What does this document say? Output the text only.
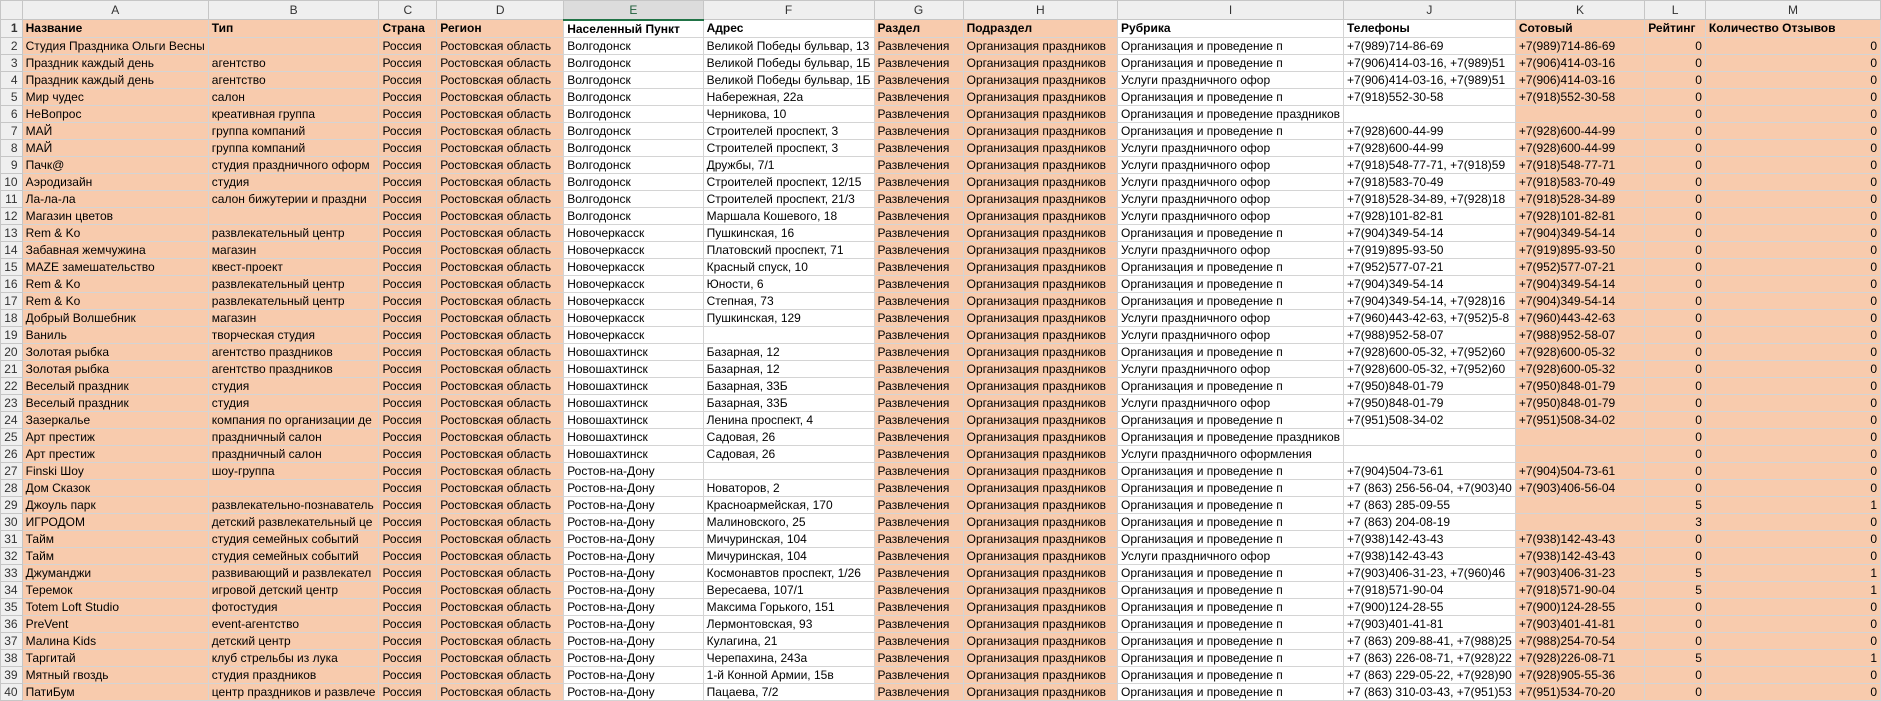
	A	B	C	D	E	F	G	H	I	J	K	L	M
1	Название	Тип	Страна	Регион	Населенный Пункт	Адрес	Раздел	Подраздел	Рубрика	Телефоны	Сотовый	Рейтинг	Количество Отзывов
2	Студия Праздника Ольги Весны		Россия	Ростовская область	Волгодонск	Великой Победы бульвар, 13	Развлечения	Организация праздников	Организация и проведение п	+7(989)714-86-69	+7(989)714-86-69	0	0
3	Праздник каждый день	агентство	Россия	Ростовская область	Волгодонск	Великой Победы бульвар, 1Б	Развлечения	Организация праздников	Организация и проведение п	+7(906)414-03-16, +7(989)51	+7(906)414-03-16	0	0
4	Праздник каждый день	агентство	Россия	Ростовская область	Волгодонск	Великой Победы бульвар, 1Б	Развлечения	Организация праздников	Услуги праздничного офор	+7(906)414-03-16, +7(989)51	+7(906)414-03-16	0	0
5	Мир чудес	салон	Россия	Ростовская область	Волгодонск	Набережная, 22а	Развлечения	Организация праздников	Организация и проведение п	+7(918)552-30-58	+7(918)552-30-58	0	0
6	НеВопрос	креативная группа	Россия	Ростовская область	Волгодонск	Черникова, 10	Развлечения	Организация праздников	Организация и проведение праздников			0	0
7	МАЙ	группа компаний	Россия	Ростовская область	Волгодонск	Строителей проспект, 3	Развлечения	Организация праздников	Организация и проведение п	+7(928)600-44-99	+7(928)600-44-99	0	0
8	МАЙ	группа компаний	Россия	Ростовская область	Волгодонск	Строителей проспект, 3	Развлечения	Организация праздников	Услуги праздничного офор	+7(928)600-44-99	+7(928)600-44-99	0	0
9	Пачк@	студия праздничного оформ	Россия	Ростовская область	Волгодонск	Дружбы, 7/1	Развлечения	Организация праздников	Услуги праздничного офор	+7(918)548-77-71, +7(918)59	+7(918)548-77-71	0	0
10	Аэродизайн	студия	Россия	Ростовская область	Волгодонск	Строителей проспект, 12/15	Развлечения	Организация праздников	Услуги праздничного офор	+7(918)583-70-49	+7(918)583-70-49	0	0
11	Ла-ла-ла	салон бижутерии и праздни	Россия	Ростовская область	Волгодонск	Строителей проспект, 21/3	Развлечения	Организация праздников	Услуги праздничного офор	+7(918)528-34-89, +7(928)18	+7(918)528-34-89	0	0
12	Магазин цветов		Россия	Ростовская область	Волгодонск	Маршала Кошевого, 18	Развлечения	Организация праздников	Услуги праздничного офор	+7(928)101-82-81	+7(928)101-82-81	0	0
13	Rem & Ko	развлекательный центр	Россия	Ростовская область	Новочеркасск	Пушкинская, 16	Развлечения	Организация праздников	Организация и проведение п	+7(904)349-54-14	+7(904)349-54-14	0	0
14	Забавная жемчужина	магазин	Россия	Ростовская область	Новочеркасск	Платовский проспект, 71	Развлечения	Организация праздников	Услуги праздничного офор	+7(919)895-93-50	+7(919)895-93-50	0	0
15	MAZE замешательство	квест-проект	Россия	Ростовская область	Новочеркасск	Красный спуск, 10	Развлечения	Организация праздников	Организация и проведение п	+7(952)577-07-21	+7(952)577-07-21	0	0
16	Rem & Ko	развлекательный центр	Россия	Ростовская область	Новочеркасск	Юности, 6	Развлечения	Организация праздников	Организация и проведение п	+7(904)349-54-14	+7(904)349-54-14	0	0
17	Rem & Ko	развлекательный центр	Россия	Ростовская область	Новочеркасск	Степная, 73	Развлечения	Организация праздников	Организация и проведение п	+7(904)349-54-14, +7(928)16	+7(904)349-54-14	0	0
18	Добрый Волшебник	магазин	Россия	Ростовская область	Новочеркасск	Пушкинская, 129	Развлечения	Организация праздников	Услуги праздничного офор	+7(960)443-42-63, +7(952)5-8	+7(960)443-42-63	0	0
19	Ваниль	творческая студия	Россия	Ростовская область	Новочеркасск		Развлечения	Организация праздников	Услуги праздничного офор	+7(988)952-58-07	+7(988)952-58-07	0	0
20	Золотая рыбка	агентство праздников	Россия	Ростовская область	Новошахтинск	Базарная, 12	Развлечения	Организация праздников	Организация и проведение п	+7(928)600-05-32, +7(952)60	+7(928)600-05-32	0	0
21	Золотая рыбка	агентство праздников	Россия	Ростовская область	Новошахтинск	Базарная, 12	Развлечения	Организация праздников	Услуги праздничного офор	+7(928)600-05-32, +7(952)60	+7(928)600-05-32	0	0
22	Веселый праздник	студия	Россия	Ростовская область	Новошахтинск	Базарная, 33Б	Развлечения	Организация праздников	Организация и проведение п	+7(950)848-01-79	+7(950)848-01-79	0	0
23	Веселый праздник	студия	Россия	Ростовская область	Новошахтинск	Базарная, 33Б	Развлечения	Организация праздников	Услуги праздничного офор	+7(950)848-01-79	+7(950)848-01-79	0	0
24	Зазеркалье	компания по организации де	Россия	Ростовская область	Новошахтинск	Ленина проспект, 4	Развлечения	Организация праздников	Организация и проведение п	+7(951)508-34-02	+7(951)508-34-02	0	0
25	Арт престиж	праздничный салон	Россия	Ростовская область	Новошахтинск	Садовая, 26	Развлечения	Организация праздников	Организация и проведение праздников			0	0
26	Арт престиж	праздничный салон	Россия	Ростовская область	Новошахтинск	Садовая, 26	Развлечения	Организация праздников	Услуги праздничного оформления			0	0
27	Finski Шоу	шоу-группа	Россия	Ростовская область	Ростов-на-Дону		Развлечения	Организация праздников	Организация и проведение п	+7(904)504-73-61	+7(904)504-73-61	0	0
28	Дом Сказок		Россия	Ростовская область	Ростов-на-Дону	Новаторов, 2	Развлечения	Организация праздников	Организация и проведение п	+7 (863) 256-56-04, +7(903)40	+7(903)406-56-04	0	0
29	Джоуль парк	развлекательно-познаватель	Россия	Ростовская область	Ростов-на-Дону	Красноармейская, 170	Развлечения	Организация праздников	Организация и проведение п	+7 (863) 285-09-55		5	1
30	ИГРОДОМ	детский развлекательный це	Россия	Ростовская область	Ростов-на-Дону	Малиновского, 25	Развлечения	Организация праздников	Организация и проведение п	+7 (863) 204-08-19		3	0
31	Тайм	студия семейных событий	Россия	Ростовская область	Ростов-на-Дону	Мичуринская, 104	Развлечения	Организация праздников	Организация и проведение п	+7(938)142-43-43	+7(938)142-43-43	0	0
32	Тайм	студия семейных событий	Россия	Ростовская область	Ростов-на-Дону	Мичуринская, 104	Развлечения	Организация праздников	Услуги праздничного офор	+7(938)142-43-43	+7(938)142-43-43	0	0
33	Джуманджи	развивающий и развлекател	Россия	Ростовская область	Ростов-на-Дону	Космонавтов проспект, 1/26	Развлечения	Организация праздников	Организация и проведение п	+7(903)406-31-23, +7(960)46	+7(903)406-31-23	5	1
34	Теремок	игровой детский центр	Россия	Ростовская область	Ростов-на-Дону	Вересаева, 107/1	Развлечения	Организация праздников	Организация и проведение п	+7(918)571-90-04	+7(918)571-90-04	5	1
35	Totem Loft Studio	фотостудия	Россия	Ростовская область	Ростов-на-Дону	Максима Горького, 151	Развлечения	Организация праздников	Организация и проведение п	+7(900)124-28-55	+7(900)124-28-55	0	0
36	PreVent	event-агентство	Россия	Ростовская область	Ростов-на-Дону	Лермонтовская, 93	Развлечения	Организация праздников	Организация и проведение п	+7(903)401-41-81	+7(903)401-41-81	0	0
37	Малина Kids	детский центр	Россия	Ростовская область	Ростов-на-Дону	Кулагина, 21	Развлечения	Организация праздников	Организация и проведение п	+7 (863) 209-88-41, +7(988)25	+7(988)254-70-54	0	0
38	Таргитай	клуб стрельбы из лука	Россия	Ростовская область	Ростов-на-Дону	Черепахина, 243а	Развлечения	Организация праздников	Организация и проведение п	+7 (863) 226-08-71, +7(928)22	+7(928)226-08-71	5	1
39	Мятный гвоздь	студия праздников	Россия	Ростовская область	Ростов-на-Дону	1-й Конной Армии, 15в	Развлечения	Организация праздников	Организация и проведение п	+7 (863) 229-05-22, +7(928)90	+7(928)905-55-36	0	0
40	ПатиБум	центр праздников и развлече	Россия	Ростовская область	Ростов-на-Дону	Пацаева, 7/2	Развлечения	Организация праздников	Организация и проведение п	+7 (863) 310-03-43, +7(951)53	+7(951)534-70-20	0	0
